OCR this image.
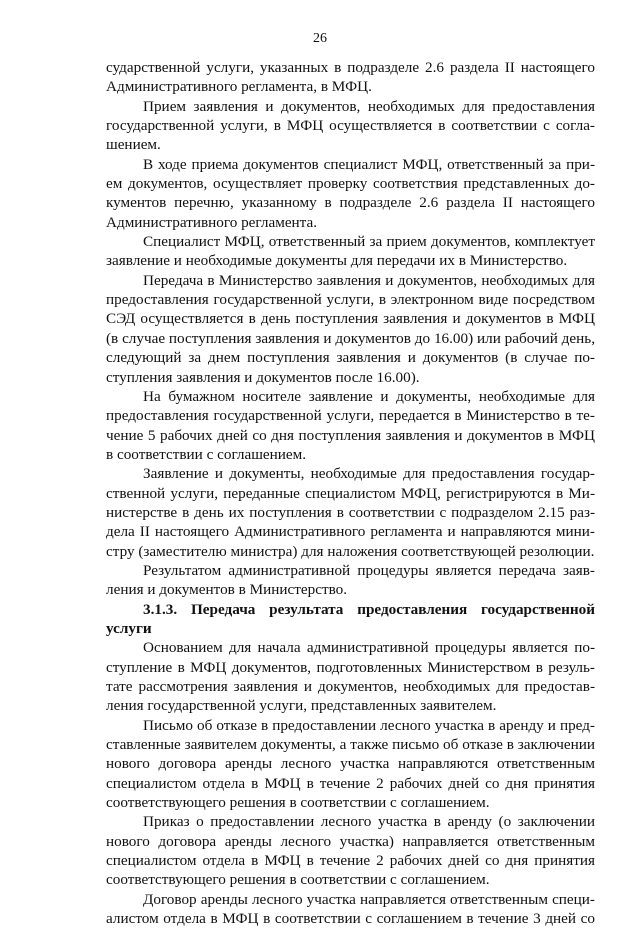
26
сударственной услуги, указанных в подразделе 2.6 раздела II настоящего
Административного регламента, в МФЦ.
Прием заявления и документов, необходимых для предоставления
государственной услуги, в МФЦ осуществляется в соответствии с согла-
шением.
В ходе приема документов специалист МФЦ, ответственный за при-
ем документов, осуществляет проверку соответствия представленных до-
кументов перечню, указанному в подразделе 2.6 раздела II настоящего
Административного регламента.
Специалист МФЦ, ответственный за прием документов, комплектует
заявление и необходимые документы для передачи их в Министерство.
Передача в Министерство заявления и документов, необходимых для
предоставления государственной услуги, в электронном виде посредством
СЭД осуществляется в день поступления заявления и документов в МФЦ
(в случае поступления заявления и документов до 16.00) или рабочий день,
следующий за днем поступления заявления и документов (в случае по-
ступления заявления и документов после 16.00).
На бумажном носителе заявление и документы, необходимые для
предоставления государственной услуги, передается в Министерство в те-
чение 5 рабочих дней со дня поступления заявления и документов в МФЦ
в соответствии с соглашением.
Заявление и документы, необходимые для предоставления государ-
ственной услуги, переданные специалистом МФЦ, регистрируются в Ми-
нистерстве в день их поступления в соответствии с подразделом 2.15 раз-
дела II настоящего Административного регламента и направляются мини-
стру (заместителю министра) для наложения соответствующей резолюции.
Результатом административной процедуры является передача заяв-
ления и документов в Министерство.
3.1.3. Передача результата предоставления государственной
услуги
Основанием для начала административной процедуры является по-
ступление в МФЦ документов, подготовленных Министерством в резуль-
тате рассмотрения заявления и документов, необходимых для предостав-
ления государственной услуги, представленных заявителем.
Письмо об отказе в предоставлении лесного участка в аренду и пред-
ставленные заявителем документы, а также письмо об отказе в заключении
нового договора аренды лесного участка направляются ответственным
специалистом отдела в МФЦ в течение 2 рабочих дней со дня принятия
соответствующего решения в соответствии с соглашением.
Приказ о предоставлении лесного участка в аренду (о заключении
нового договора аренды лесного участка) направляется ответственным
специалистом отдела в МФЦ в течение 2 рабочих дней со дня принятия
соответствующего решения в соответствии с соглашением.
Договор аренды лесного участка направляется ответственным специ-
алистом отдела в МФЦ в соответствии с соглашением в течение 3 дней со
